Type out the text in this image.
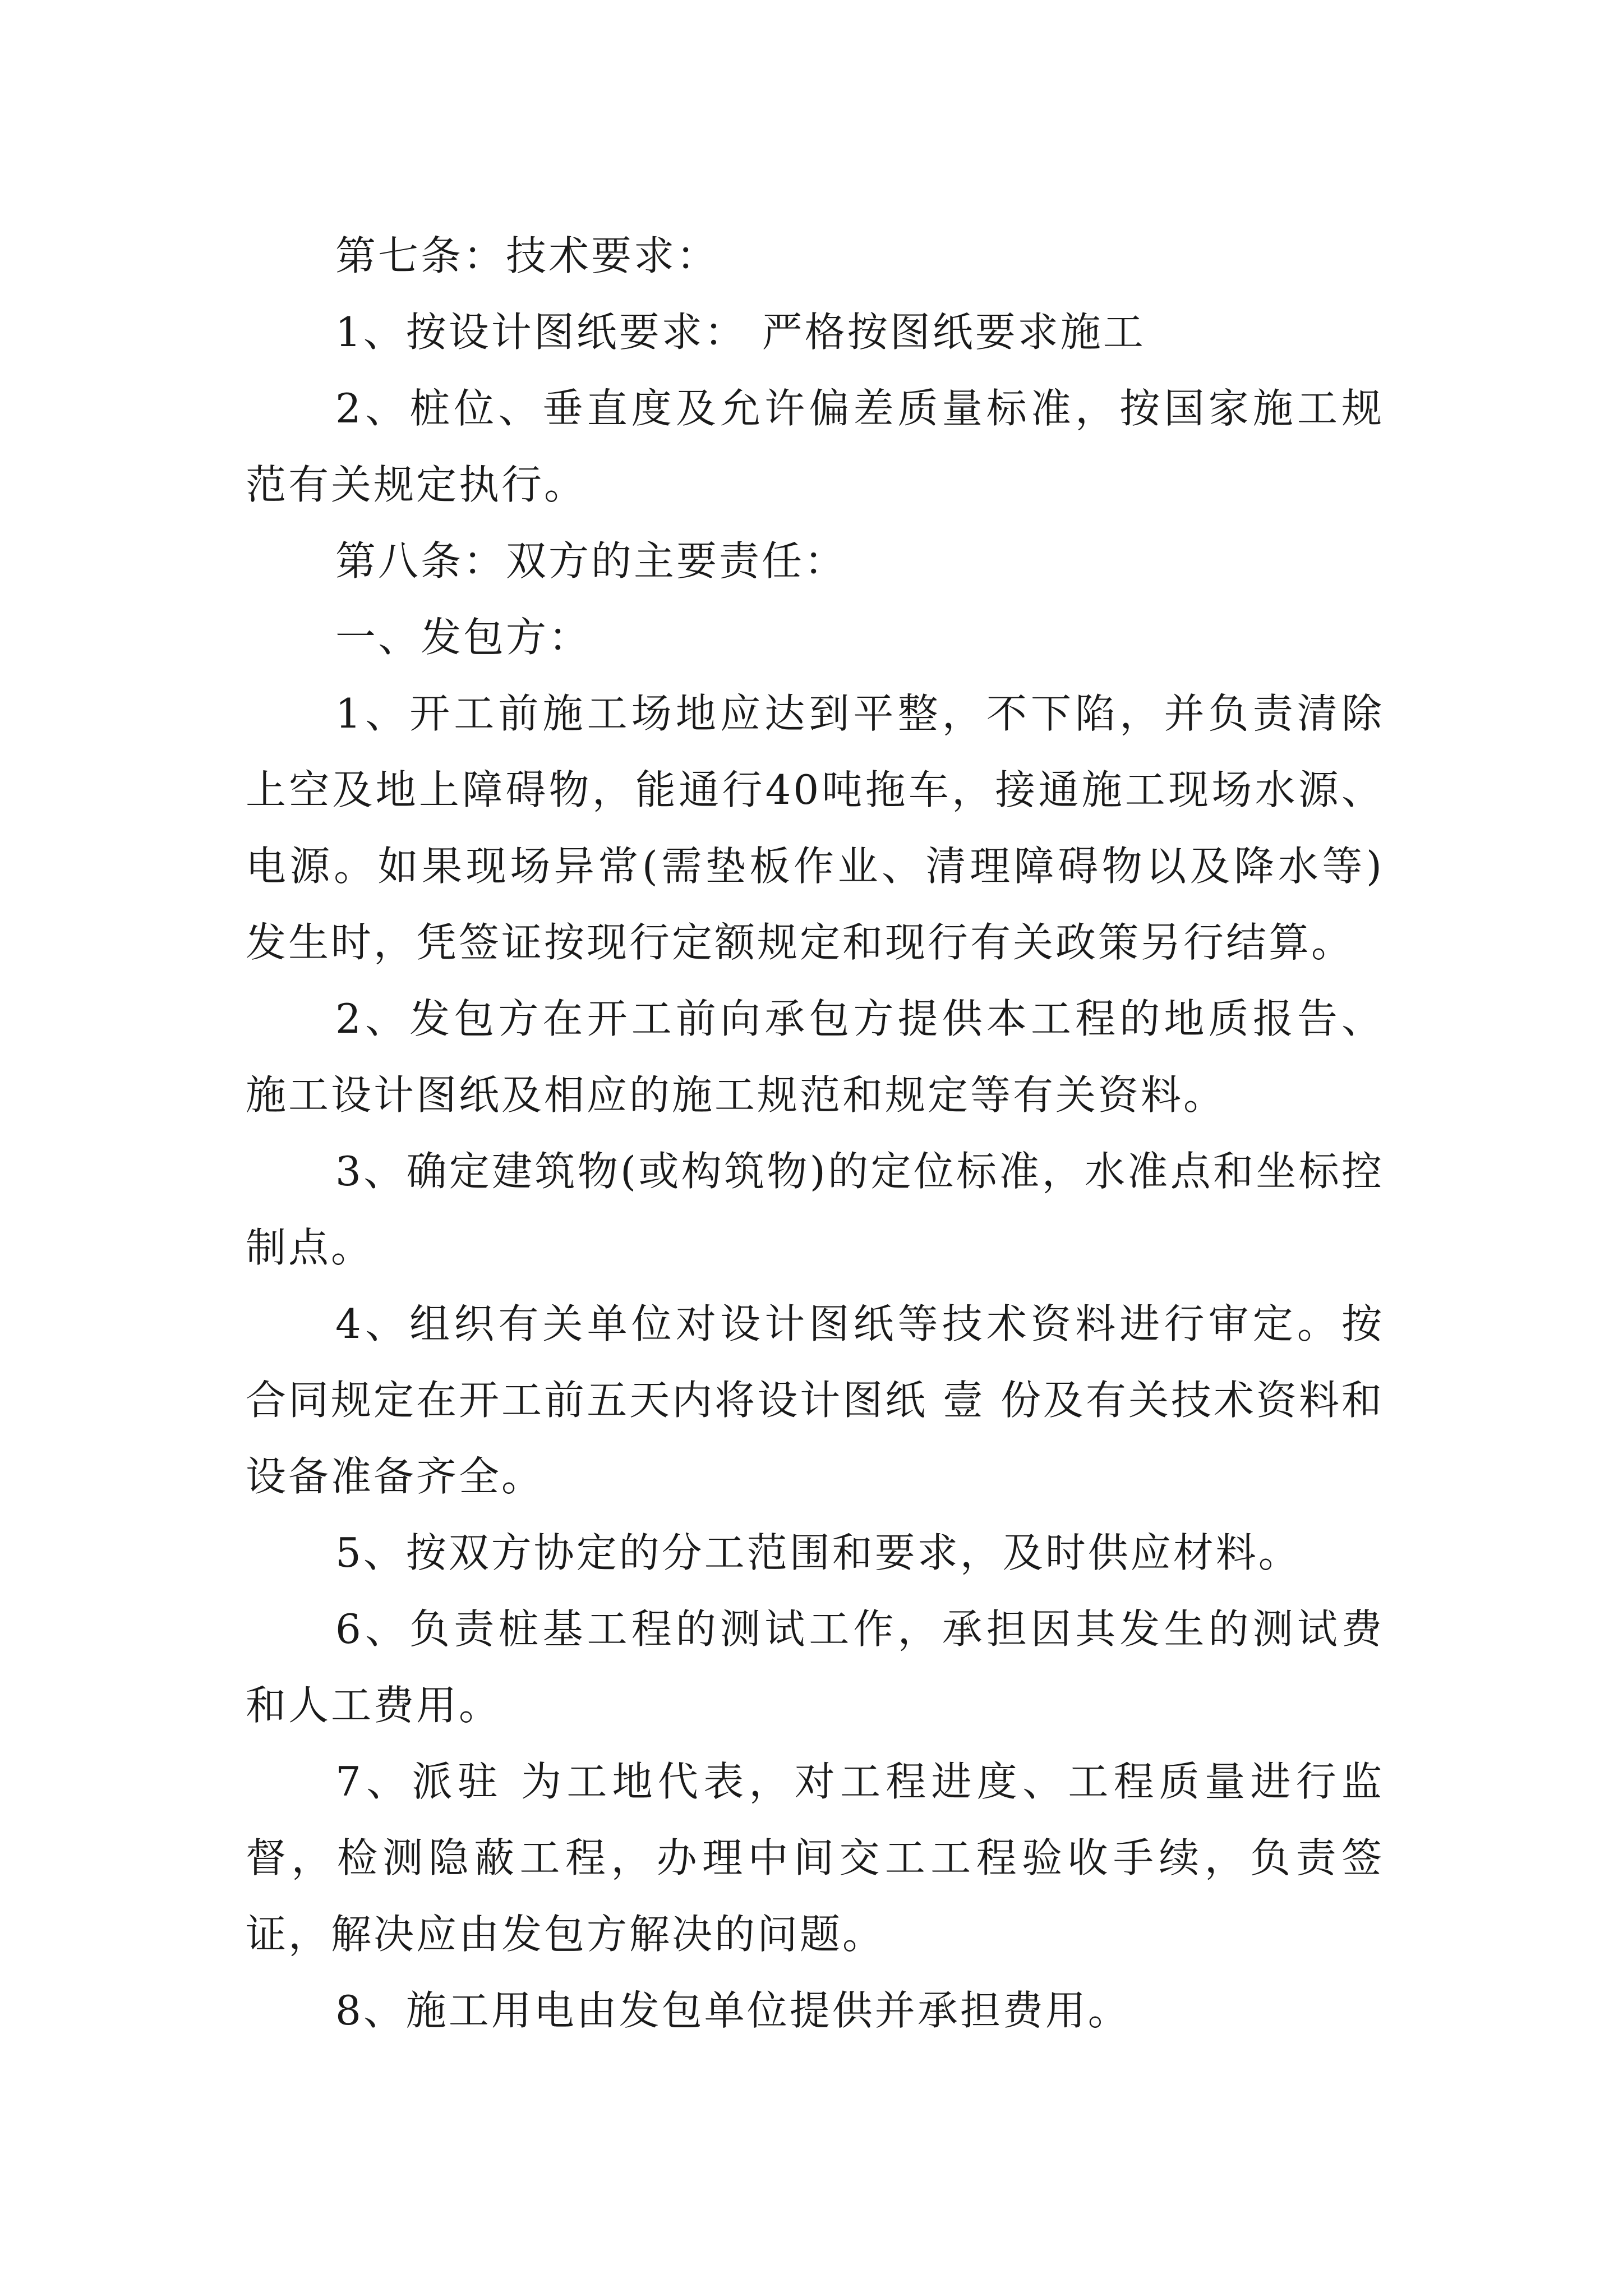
第七条：技术要求：

1、按设计图纸要求： 严格按图纸要求施工

2、桩位、垂直度及允许偏差质量标准，按国家施工规范有关规定执行。

第八条：双方的主要责任：

一、发包方：

1、开工前施工场地应达到平整，不下陷，并负责清除上空及地上障碍物，能通行40吨拖车，接通施工现场水源、电源。如果现场异常(需垫板作业、清理障碍物以及降水等)发生时，凭签证按现行定额规定和现行有关政策另行结算。

2、发包方在开工前向承包方提供本工程的地质报告、施工设计图纸及相应的施工规范和规定等有关资料。

3、确定建筑物(或构筑物)的定位标准，水准点和坐标控制点。

4、组织有关单位对设计图纸等技术资料进行审定。按合同规定在开工前五天内将设计图纸 壹 份及有关技术资料和设备准备齐全。

5、按双方协定的分工范围和要求，及时供应材料。

6、负责桩基工程的测试工作，承担因其发生的测试费和人工费用。

7、派驻 为工地代表，对工程进度、工程质量进行监督，检测隐蔽工程，办理中间交工工程验收手续，负责签证，解决应由发包方解决的问题。

8、施工用电由发包单位提供并承担费用。
